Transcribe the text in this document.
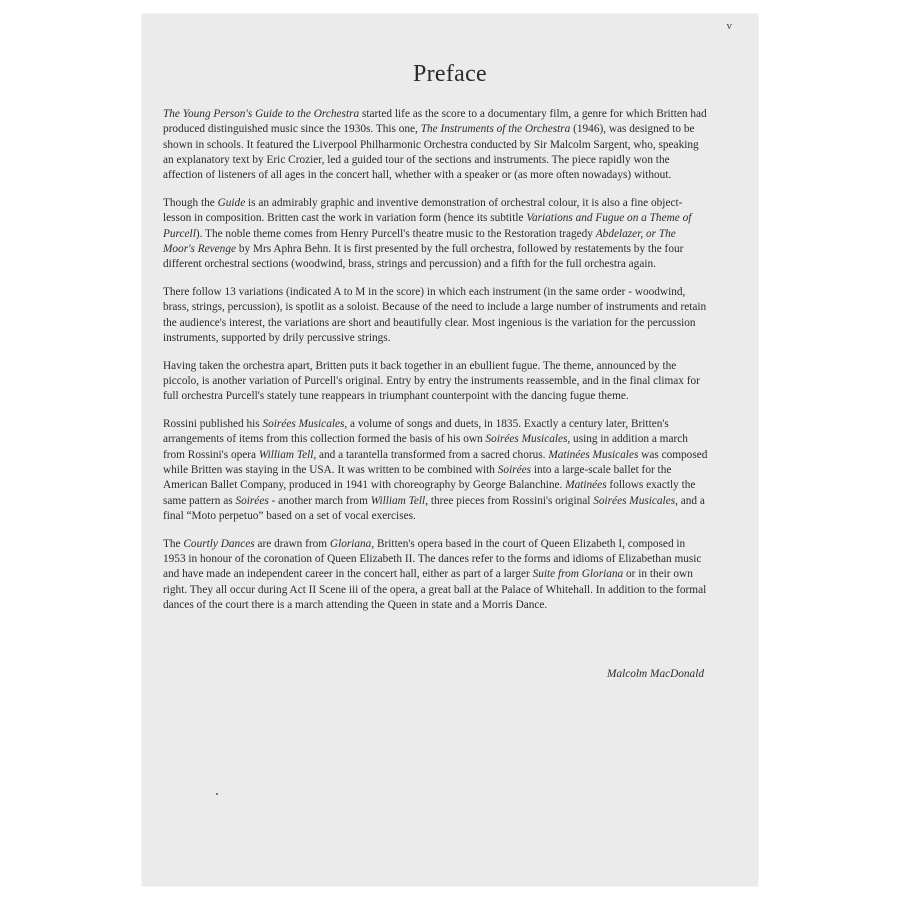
v
Preface

The Young Person's Guide to the Orchestra started life as the score to a documentary film, a genre for which Britten had produced distinguished music since the 1930s. This one, The Instruments of the Orchestra (1946), was designed to be shown in schools. It featured the Liverpool Philharmonic Orchestra conducted by Sir Malcolm Sargent, who, speaking an explanatory text by Eric Crozier, led a guided tour of the sections and instruments. The piece rapidly won the affection of listeners of all ages in the concert hall, whether with a speaker or (as more often nowadays) without.

Though the Guide is an admirably graphic and inventive demonstration of orchestral colour, it is also a fine object-lesson in composition. Britten cast the work in variation form (hence its subtitle Variations and Fugue on a Theme of Purcell). The noble theme comes from Henry Purcell's theatre music to the Restoration tragedy Abdelazer, or The Moor's Revenge by Mrs Aphra Behn. It is first presented by the full orchestra, followed by restatements by the four different orchestral sections (woodwind, brass, strings and percussion) and a fifth for the full orchestra again.

There follow 13 variations (indicated A to M in the score) in which each instrument (in the same order - woodwind, brass, strings, percussion), is spotlit as a soloist. Because of the need to include a large number of instruments and retain the audience's interest, the variations are short and beautifully clear. Most ingenious is the variation for the percussion instruments, supported by drily percussive strings.

Having taken the orchestra apart, Britten puts it back together in an ebullient fugue. The theme, announced by the piccolo, is another variation of Purcell's original. Entry by entry the instruments reassemble, and in the final climax for full orchestra Purcell's stately tune reappears in triumphant counterpoint with the dancing fugue theme.

Rossini published his Soirées Musicales, a volume of songs and duets, in 1835. Exactly a century later, Britten's arrangements of items from this collection formed the basis of his own Soirées Musicales, using in addition a march from Rossini's opera William Tell, and a tarantella transformed from a sacred chorus. Matinées Musicales was composed while Britten was staying in the USA. It was written to be combined with Soirées into a large-scale ballet for the American Ballet Company, produced in 1941 with choreography by George Balanchine. Matinées follows exactly the same pattern as Soirées - another march from William Tell, three pieces from Rossini's original Soirées Musicales, and a final “Moto perpetuo” based on a set of vocal exercises.

The Courtly Dances are drawn from Gloriana, Britten's opera based in the court of Queen Elizabeth I, composed in 1953 in honour of the coronation of Queen Elizabeth II. The dances refer to the forms and idioms of Elizabethan music and have made an independent career in the concert hall, either as part of a larger Suite from Gloriana or in their own right. They all occur during Act II Scene iii of the opera, a great ball at the Palace of Whitehall. In addition to the formal dances of the court there is a march attending the Queen in state and a Morris Dance.

Malcolm MacDonald
